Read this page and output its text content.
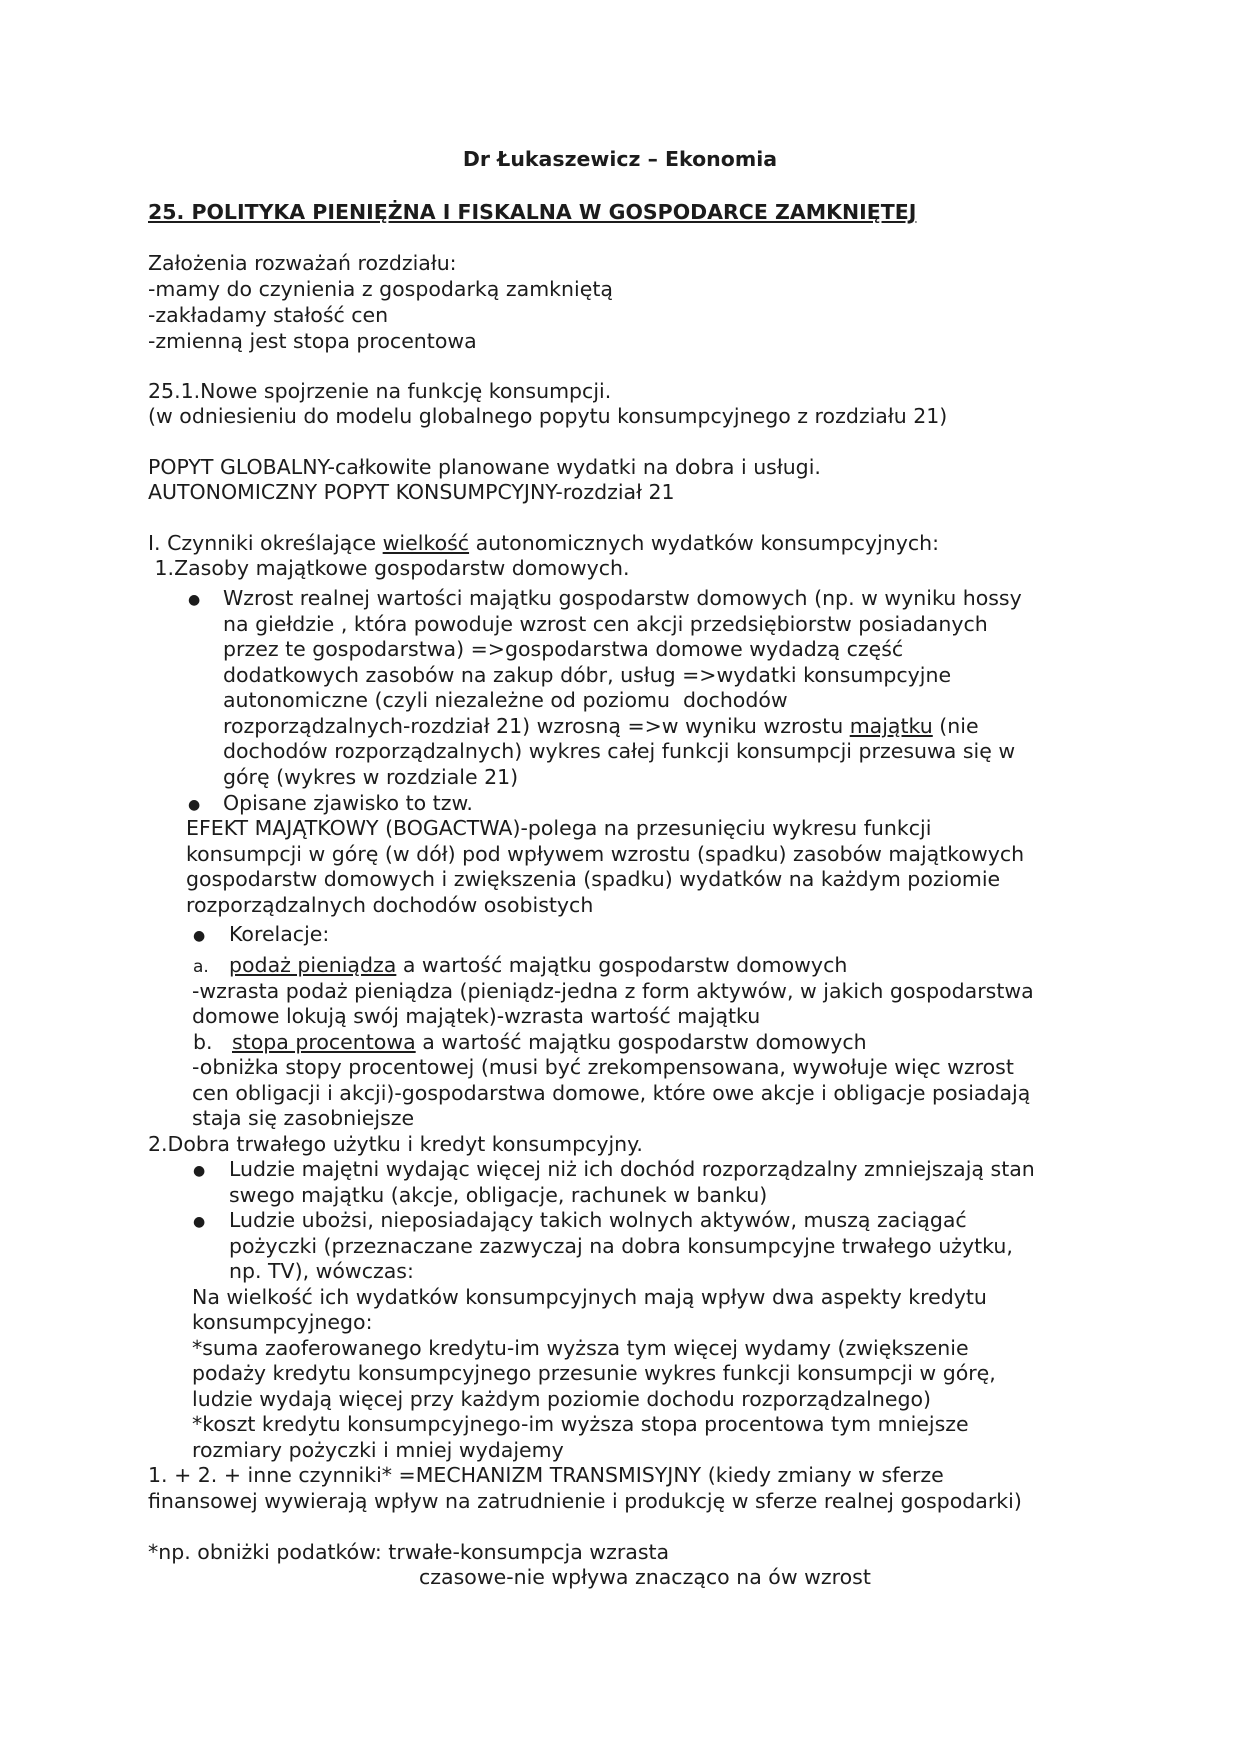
Dr Łukaszewicz – Ekonomia

25. POLITYKA PIENIĘŻNA I FISKALNA W GOSPODARCE ZAMKNIĘTEJ

Założenia rozważań rozdziału:

-mamy do czynienia z gospodarką zamkniętą

-zakładamy stałość cen

-zmienną jest stopa procentowa

25.1.Nowe spojrzenie na funkcję konsumpcji.

(w odniesieniu do modelu globalnego popytu konsumpcyjnego z rozdziału 21)

POPYT GLOBALNY-całkowite planowane wydatki na dobra i usługi.

AUTONOMICZNY POPYT KONSUMPCYJNY-rozdział 21

I. Czynniki określające wielkość autonomicznych wydatków konsumpcyjnych:

1.Zasoby majątkowe gospodarstw domowych.

● Wzrost realnej wartości majątku gospodarstw domowych (np. w wyniku hossy

na giełdzie , która powoduje wzrost cen akcji przedsiębiorstw posiadanych

przez te gospodarstwa) =>gospodarstwa domowe wydadzą część

dodatkowych zasobów na zakup dóbr, usług =>wydatki konsumpcyjne

autonomiczne (czyli niezależne od poziomu  dochodów

rozporządzalnych-rozdział 21) wzrosną =>w wyniku wzrostu majątku (nie

dochodów rozporządzalnych) wykres całej funkcji konsumpcji przesuwa się w

górę (wykres w rozdziale 21)

● Opisane zjawisko to tzw.

EFEKT MAJĄTKOWY (BOGACTWA)-polega na przesunięciu wykresu funkcji

konsumpcji w górę (w dół) pod wpływem wzrostu (spadku) zasobów majątkowych

gospodarstw domowych i zwiększenia (spadku) wydatków na każdym poziomie

rozporządzalnych dochodów osobistych

● Korelacje:

a. podaż pieniądza a wartość majątku gospodarstw domowych

-wzrasta podaż pieniądza (pieniądz-jedna z form aktywów, w jakich gospodarstwa

domowe lokują swój majątek)-wzrasta wartość majątku

b. stopa procentowa a wartość majątku gospodarstw domowych

-obniżka stopy procentowej (musi być zrekompensowana, wywołuje więc wzrost

cen obligacji i akcji)-gospodarstwa domowe, które owe akcje i obligacje posiadają

staja się zasobniejsze

2.Dobra trwałego użytku i kredyt konsumpcyjny.

● Ludzie majętni wydając więcej niż ich dochód rozporządzalny zmniejszają stan

swego majątku (akcje, obligacje, rachunek w banku)

● Ludzie ubożsi, nieposiadający takich wolnych aktywów, muszą zaciągać

pożyczki (przeznaczane zazwyczaj na dobra konsumpcyjne trwałego użytku,

np. TV), wówczas:

Na wielkość ich wydatków konsumpcyjnych mają wpływ dwa aspekty kredytu

konsumpcyjnego:

*suma zaoferowanego kredytu-im wyższa tym więcej wydamy (zwiększenie

podaży kredytu konsumpcyjnego przesunie wykres funkcji konsumpcji w górę,

ludzie wydają więcej przy każdym poziomie dochodu rozporządzalnego)

*koszt kredytu konsumpcyjnego-im wyższa stopa procentowa tym mniejsze

rozmiary pożyczki i mniej wydajemy

1. + 2. + inne czynniki* =MECHANIZM TRANSMISYJNY (kiedy zmiany w sferze

finansowej wywierają wpływ na zatrudnienie i produkcję w sferze realnej gospodarki)

*np. obniżki podatków: trwałe-konsumpcja wzrasta

czasowe-nie wpływa znacząco na ów wzrost
